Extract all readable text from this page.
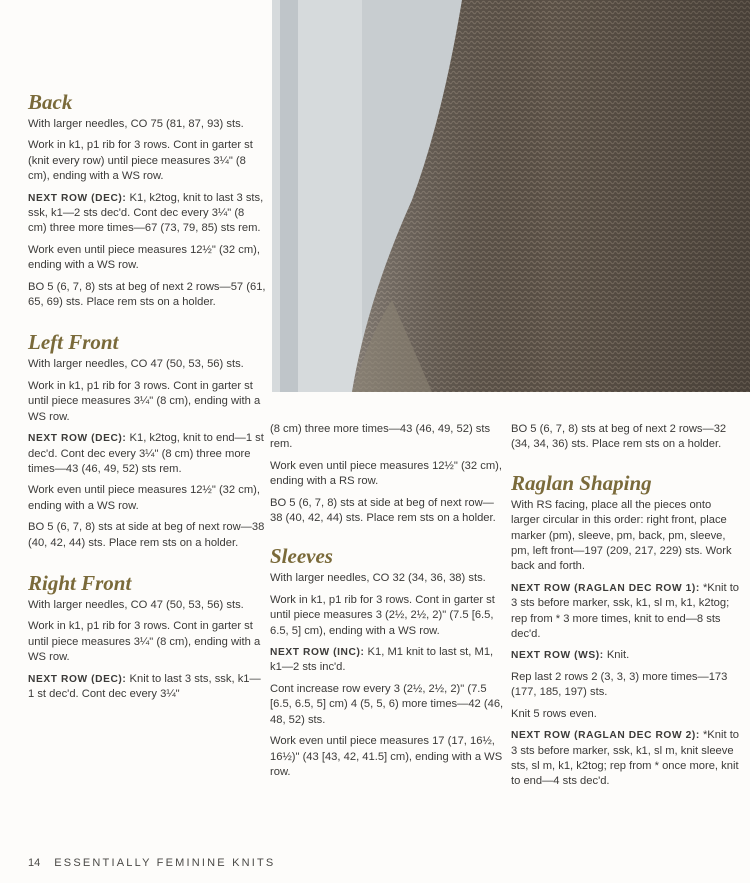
Back

With larger needles, CO 75 (81, 87, 93) sts.

Work in k1, p1 rib for 3 rows. Cont in garter st (knit every row) until piece measures 3¼" (8 cm), ending with a WS row.

NEXT ROW (DEC): K1, k2tog, knit to last 3 sts, ssk, k1—2 sts dec'd. Cont dec every 3¼" (8 cm) three more times—67 (73, 79, 85) sts rem.

Work even until piece measures 12½" (32 cm), ending with a WS row.

BO 5 (6, 7, 8) sts at beg of next 2 rows—57 (61, 65, 69) sts. Place rem sts on a holder.

Left Front

With larger needles, CO 47 (50, 53, 56) sts.

Work in k1, p1 rib for 3 rows. Cont in garter st until piece measures 3¼" (8 cm), ending with a WS row.

NEXT ROW (DEC): K1, k2tog, knit to end—1 st dec'd. Cont dec every 3¼" (8 cm) three more times—43 (46, 49, 52) sts rem.

Work even until piece measures 12½" (32 cm), ending with a WS row.

BO 5 (6, 7, 8) sts at side at beg of next row—38 (40, 42, 44) sts. Place rem sts on a holder.

Right Front

With larger needles, CO 47 (50, 53, 56) sts.

Work in k1, p1 rib for 3 rows. Cont in garter st until piece measures 3¼" (8 cm), ending with a WS row.

NEXT ROW (DEC): Knit to last 3 sts, ssk, k1—1 st dec'd. Cont dec every 3¼"

(8 cm) three more times—43 (46, 49, 52) sts rem.

Work even until piece measures 12½" (32 cm), ending with a RS row.

BO 5 (6, 7, 8) sts at side at beg of next row—38 (40, 42, 44) sts. Place rem sts on a holder.

Sleeves

With larger needles, CO 32 (34, 36, 38) sts.

Work in k1, p1 rib for 3 rows. Cont in garter st until piece measures 3 (2½, 2½, 2)" (7.5 [6.5, 6.5, 5] cm), ending with a WS row.

NEXT ROW (INC): K1, M1 knit to last st, M1, k1—2 sts inc'd.

Cont increase row every 3 (2½, 2½, 2)" (7.5 [6.5, 6.5, 5] cm) 4 (5, 5, 6) more times—42 (46, 48, 52) sts.

Work even until piece measures 17 (17, 16½, 16½)" (43 [43, 42, 41.5] cm), ending with a WS row.

BO 5 (6, 7, 8) sts at beg of next 2 rows—32 (34, 34, 36) sts. Place rem sts on a holder.

Raglan Shaping

With RS facing, place all the pieces onto larger circular in this order: right front, place marker (pm), sleeve, pm, back, pm, sleeve, pm, left front—197 (209, 217, 229) sts. Work back and forth.

NEXT ROW (RAGLAN DEC ROW 1): *Knit to 3 sts before marker, ssk, k1, sl m, k1, k2tog; rep from * 3 more times, knit to end—8 sts dec'd.

NEXT ROW (WS): Knit.

Rep last 2 rows 2 (3, 3, 3) more times—173 (177, 185, 197) sts.

Knit 5 rows even.

NEXT ROW (RAGLAN DEC ROW 2): *Knit to 3 sts before marker, ssk, k1, sl m, knit sleeve sts, sl m, k1, k2tog; rep from * once more, knit to end—4 sts dec'd.

14 ESSENTIALLY FEMININE KNITS
